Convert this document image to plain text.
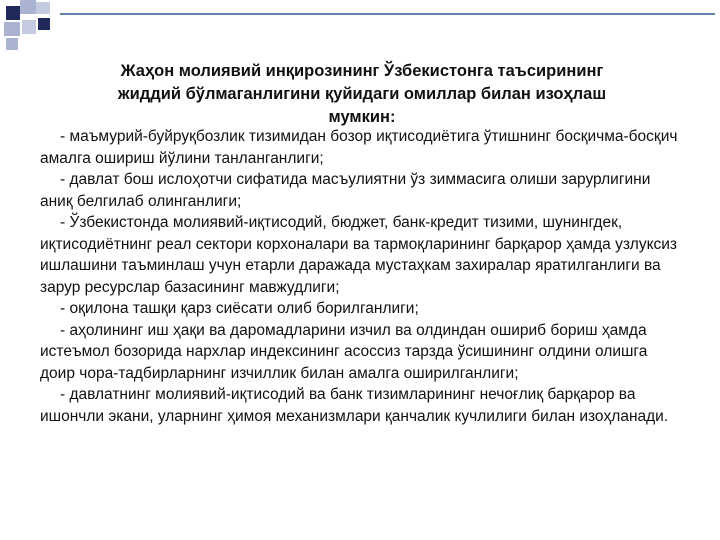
Жаҳон молиявий инқирозининг Ўзбекистонга таъсирининг
жиддий бўлмаганлигини қуйидаги омиллар билан изоҳлаш
мумкин:

- маъмурий-буйруқбозлик тизимидан бозор иқтисодиётига ўтишнинг босқичма-босқич амалга ошириш йўлини танланганлиги;

- давлат бош ислоҳотчи сифатида масъулиятни ўз зиммасига олиши зарурлигини аниқ белгилаб олинганлиги;

- Ўзбекистонда молиявий-иқтисодий, бюджет, банк-кредит тизими, шунингдек, иқтисодиётнинг реал сектори корхоналари ва тармоқларининг барқарор ҳамда узлуксиз ишлашини таъминлаш учун етарли даражада мустаҳкам захиралар яратилганлиги ва зарур ресурслар базасининг мавжудлиги;

- оқилона ташқи қарз сиёсати олиб борилганлиги;

- аҳолининг иш ҳақи ва даромадларини изчил ва олдиндан ошириб бориш ҳамда истеъмол бозорида нархлар индексининг асоссиз тарзда ўсишининг олдини олишга доир чора-тадбирларнинг изчиллик билан амалга оширилганлиги;

- давлатнинг молиявий-иқтисодий ва банк тизимларининг нечоғлиқ барқарор ва ишончли экани, уларнинг ҳимоя механизмлари қанчалик кучлилиги билан изоҳланади.
